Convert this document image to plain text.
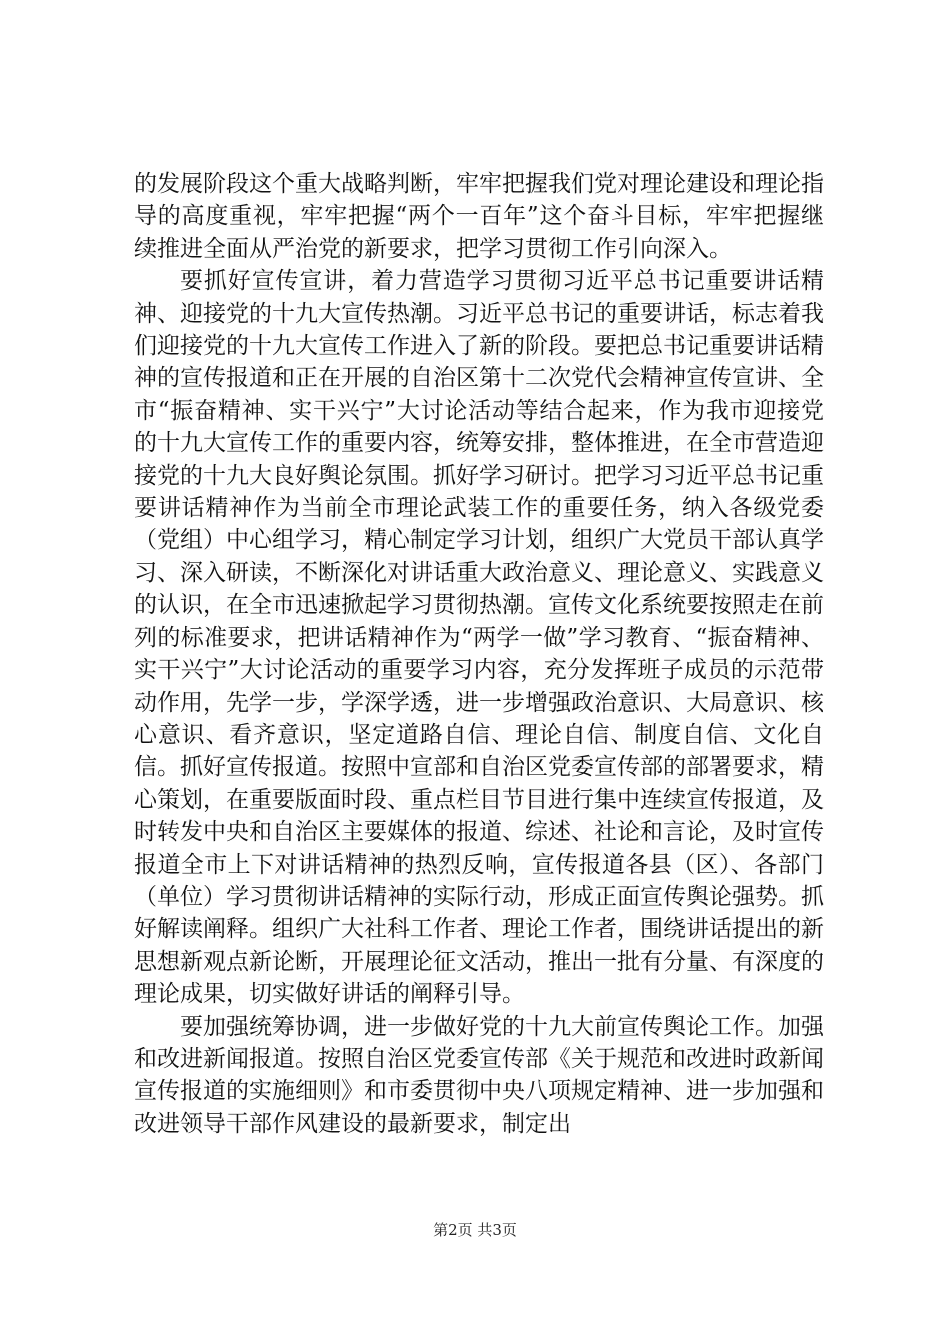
的发展阶段这个重大战略判断，牢牢把握我们党对理论建设和理论指导的高度重视，牢牢把握“两个一百年”这个奋斗目标，牢牢把握继续推进全面从严治党的新要求，把学习贯彻工作引向深入。

要抓好宣传宣讲，着力营造学习贯彻习近平总书记重要讲话精神、迎接党的十九大宣传热潮。习近平总书记的重要讲话，标志着我们迎接党的十九大宣传工作进入了新的阶段。要把总书记重要讲话精神的宣传报道和正在开展的自治区第十二次党代会精神宣传宣讲、全市“振奋精神、实干兴宁”大讨论活动等结合起来，作为我市迎接党的十九大宣传工作的重要内容，统筹安排，整体推进，在全市营造迎接党的十九大良好舆论氛围。抓好学习研讨。把学习习近平总书记重要讲话精神作为当前全市理论武装工作的重要任务，纳入各级党委（党组）中心组学习，精心制定学习计划，组织广大党员干部认真学习、深入研读，不断深化对讲话重大政治意义、理论意义、实践意义的认识，在全市迅速掀起学习贯彻热潮。宣传文化系统要按照走在前列的标准要求，把讲话精神作为“两学一做”学习教育、“振奋精神、实干兴宁”大讨论活动的重要学习内容，充分发挥班子成员的示范带动作用，先学一步，学深学透，进一步增强政治意识、大局意识、核心意识、看齐意识，坚定道路自信、理论自信、制度自信、文化自信。抓好宣传报道。按照中宣部和自治区党委宣传部的部署要求，精心策划，在重要版面时段、重点栏目节目进行集中连续宣传报道，及时转发中央和自治区主要媒体的报道、综述、社论和言论，及时宣传报道全市上下对讲话精神的热烈反响，宣传报道各县（区）、各部门（单位）学习贯彻讲话精神的实际行动，形成正面宣传舆论强势。抓好解读阐释。组织广大社科工作者、理论工作者，围绕讲话提出的新思想新观点新论断，开展理论征文活动，推出一批有分量、有深度的理论成果，切实做好讲话的阐释引导。

要加强统筹协调，进一步做好党的十九大前宣传舆论工作。加强和改进新闻报道。按照自治区党委宣传部《关于规范和改进时政新闻宣传报道的实施细则》和市委贯彻中央八项规定精神、进一步加强和改进领导干部作风建设的最新要求，制定出

第2页 共3页
